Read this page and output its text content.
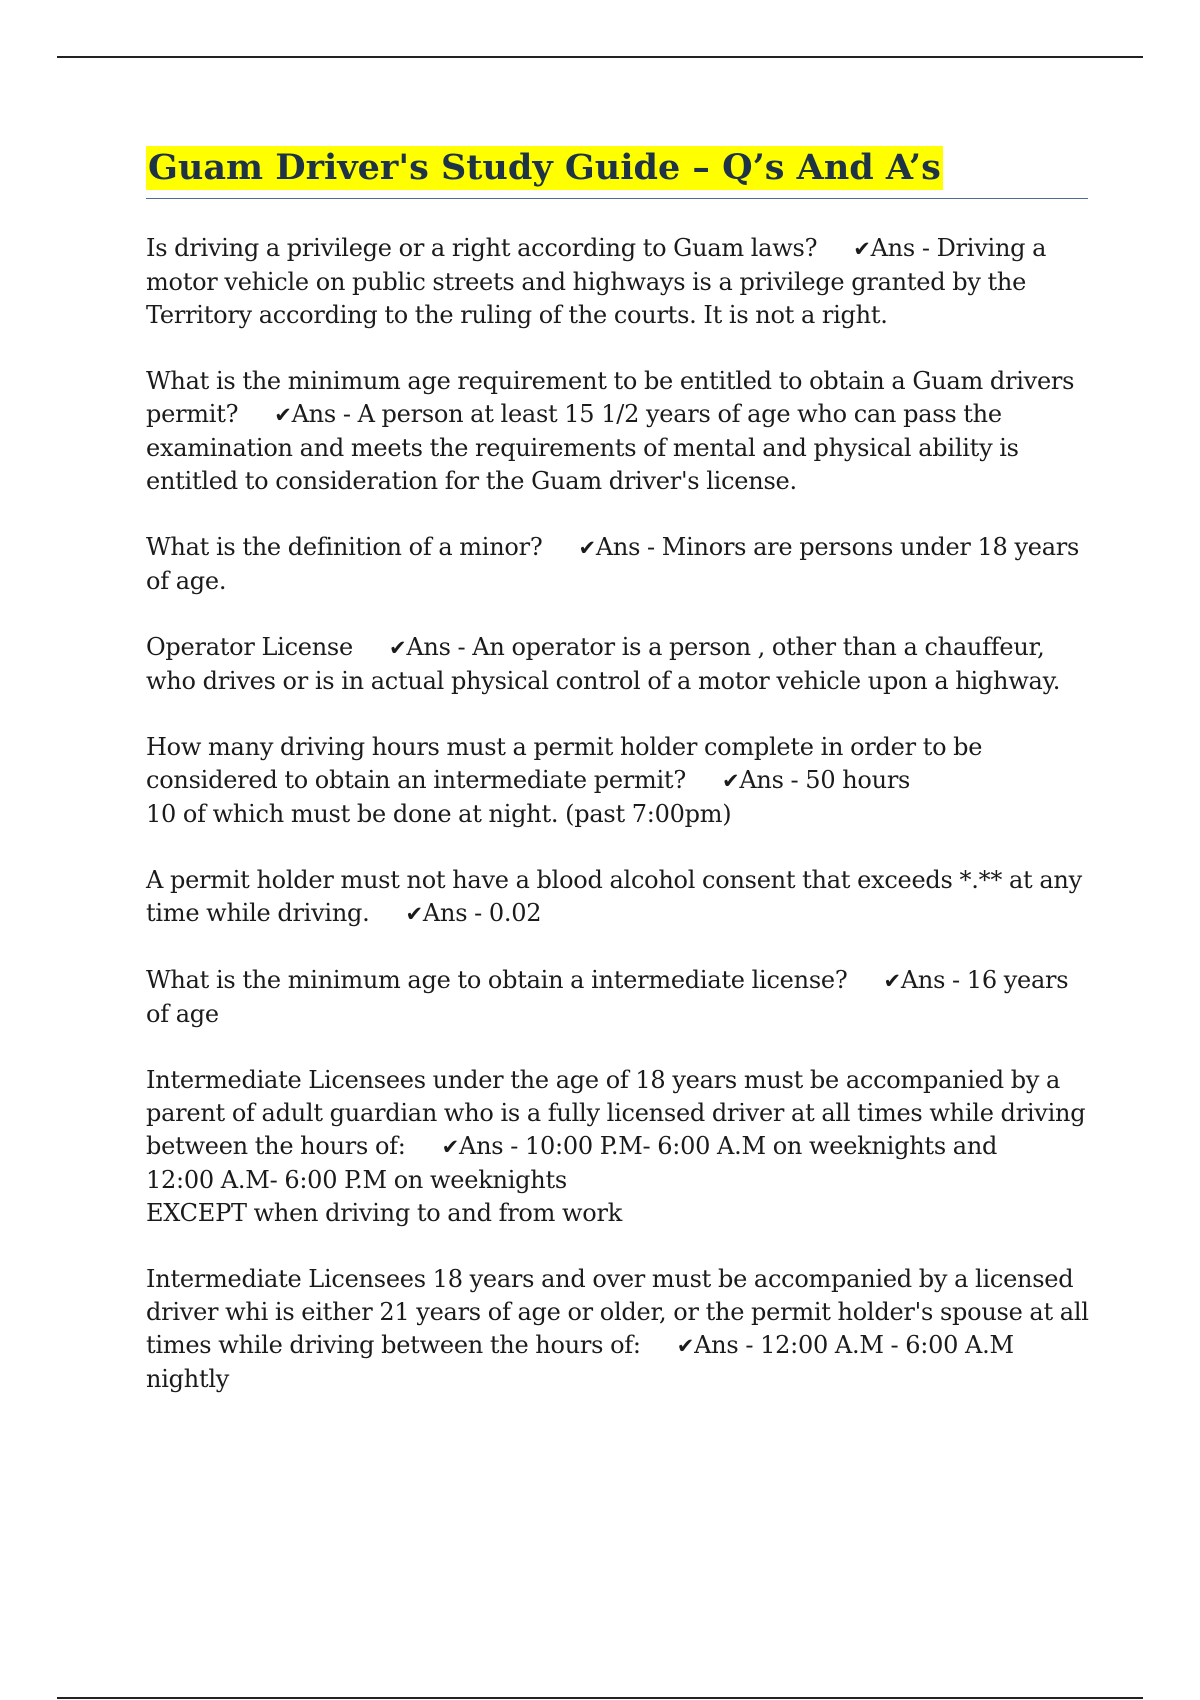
Guam Driver's Study Guide – Q’s And A’s
Is driving a privilege or a right according to Guam laws? ✔Ans - Driving a motor vehicle on public streets and highways is a privilege granted by the Territory according to the ruling of the courts. It is not a right.
What is the minimum age requirement to be entitled to obtain a Guam drivers permit? ✔Ans - A person at least 15 1/2 years of age who can pass the examination and meets the requirements of mental and physical ability is entitled to consideration for the Guam driver's license.
What is the definition of a minor? ✔Ans - Minors are persons under 18 years of age.
Operator License ✔Ans - An operator is a person , other than a chauffeur, who drives or is in actual physical control of a motor vehicle upon a highway.
How many driving hours must a permit holder complete in order to be considered to obtain an intermediate permit? ✔Ans - 50 hours
10 of which must be done at night. (past 7:00pm)
A permit holder must not have a blood alcohol consent that exceeds *.** at any time while driving. ✔Ans - 0.02
What is the minimum age to obtain a intermediate license? ✔Ans - 16 years of age
Intermediate Licensees under the age of 18 years must be accompanied by a parent of adult guardian who is a fully licensed driver at all times while driving between the hours of: ✔Ans - 10:00 P.M- 6:00 A.M on weeknights and
12:00 A.M- 6:00 P.M on weeknights
EXCEPT when driving to and from work
Intermediate Licensees 18 years and over must be accompanied by a licensed driver whi is either 21 years of age or older, or the permit holder's spouse at all times while driving between the hours of: ✔Ans - 12:00 A.M - 6:00 A.M nightly
